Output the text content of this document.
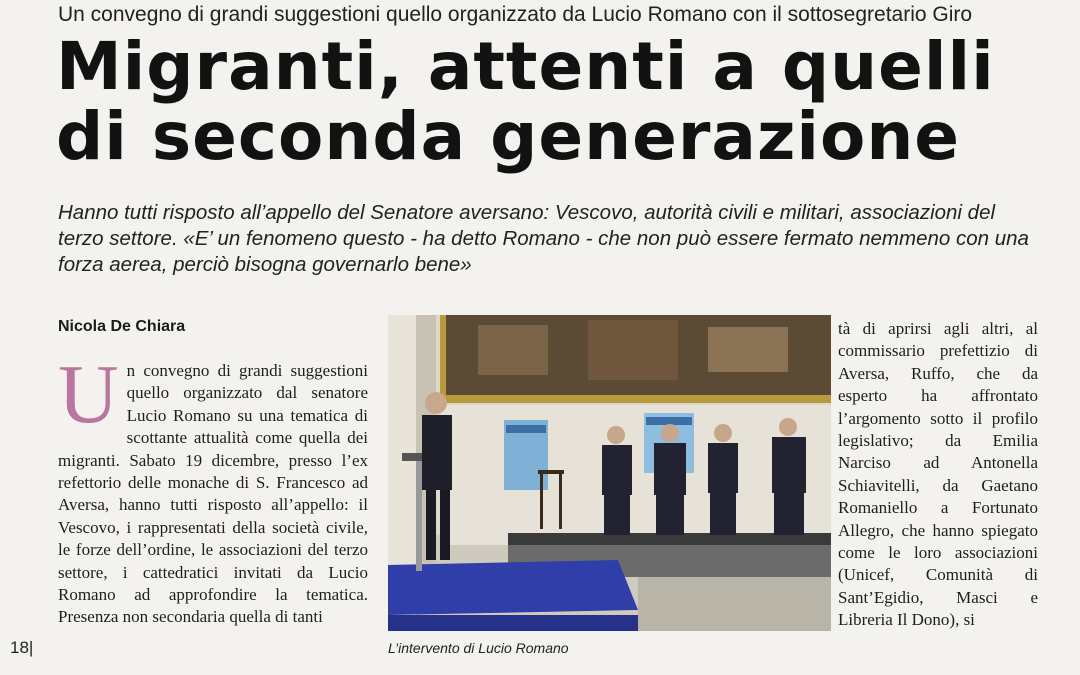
Un convegno di grandi suggestioni quello organizzato da Lucio Romano con il sottosegretario Giro
Migranti, attenti a quelli
di seconda generazione
Hanno tutti risposto all’appello del Senatore aversano: Vescovo, autorità civili e militari, associazioni del terzo settore. «E’ un fenomeno questo - ha detto Romano - che non può essere fermato nemmeno con una forza aerea, perciò bisogna governarlo bene»
Nicola De Chiara
Un convegno di grandi suggestioni quello organizzato dal senatore Lucio Romano su una tematica di scottante attualità come quella dei migranti. Sabato 19 dicembre, presso l’ex refettorio delle monache di S. Francesco ad Aversa, hanno tutti risposto all’appello: il Vescovo, i rappresentati della società civile, le forze dell’ordine, le associazioni del terzo settore, i cattedratici invitati da Lucio Romano ad approfondire la tematica. Presenza non secondaria quella di tanti
L’intervento di Lucio Romano
tà di aprirsi agli altri, al commissario prefettizio di Aversa, Ruffo, che da esperto ha affrontato l’argomento sotto il profilo legislativo; da Emilia Narciso ad Antonella Schiavitelli, da Gaetano Romaniello a Fortunato Allegro, che hanno spiegato come le loro associazioni (Unicef, Comunità di Sant’Egidio, Masci e Libreria Il Dono), si
18|
